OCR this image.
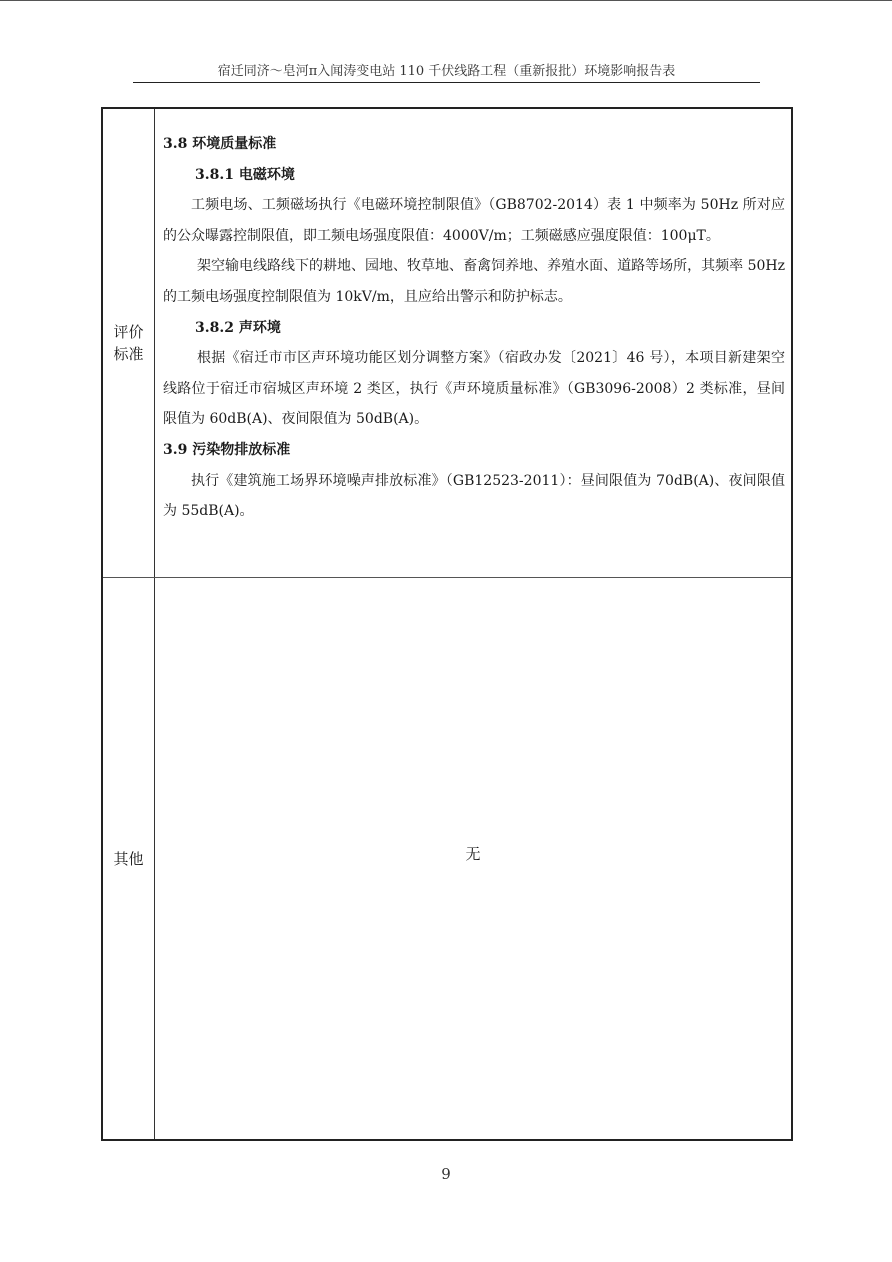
宿迁同济～皂河π入闻涛变电站 110 千伏线路工程（重新报批）环境影响报告表
评价标准
3.8 环境质量标准
3.8.1 电磁环境

工频电场、工频磁场执行《电磁环境控制限值》（GB8702-2014）表 1 中频率为 50Hz 所对应的公众曝露控制限值，即工频电场强度限值：4000V/m；工频磁感应强度限值：100μT。

架空输电线路线下的耕地、园地、牧草地、畜禽饲养地、养殖水面、道路等场所，其频率 50Hz 的工频电场强度控制限值为 10kV/m，且应给出警示和防护标志。

3.8.2 声环境

根据《宿迁市市区声环境功能区划分调整方案》（宿政办发〔2021〕46 号），本项目新建架空线路位于宿迁市宿城区声环境 2 类区，执行《声环境质量标准》（GB3096-2008）2 类标准，昼间限值为 60dB(A)、夜间限值为 50dB(A)。

3.9 污染物排放标准

执行《建筑施工场界环境噪声排放标准》（GB12523-2011）：昼间限值为 70dB(A)、夜间限值为 55dB(A)。

其他	无
9
